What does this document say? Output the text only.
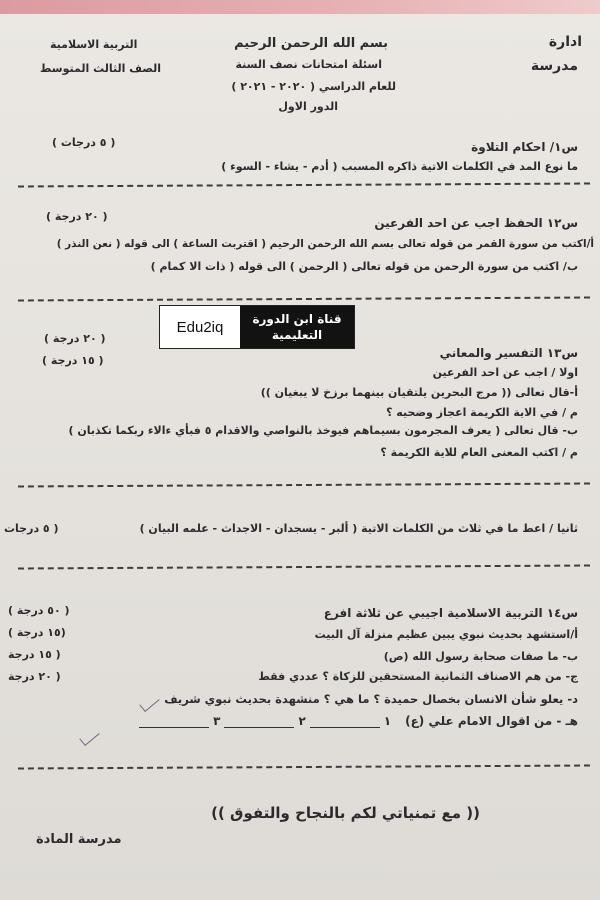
ادارة
مدرسة
بسم الله الرحمن الرحيم
اسئلة امتحانات نصف السنة
للعام الدراسي ( ٢٠٢٠ - ٢٠٢١ )
الدور الاول
التربية الاسلامية
الصف الثالث المتوسط
س١/ احكام التلاوة
( ٥ درجات )
ما نوع المد في الكلمات الاتية ذاكره المسبب ( أدم - يشاء - السوء )
( ٢٠ درجة )	س١٢ الحفظ اجب عن احد الفرعين
أ/اكتب من سورة القمر من قوله تعالى بسم الله الرحمن الرحيم ( اقتربت الساعة ) الى قوله ( نعن النذر )
ب/ اكتب من سورة الرحمن من قوله تعالى ( الرحمن ) الى قوله ( ذات الا كمام )
Edu2iq	قناة ابن الدورة
التعليمية
( ٢٠ درجة )
( ١٥ درجة )
س١٣ التفسير والمعاني
اولا / اجب عن احد الفرعين
أ-قال تعالى (( مرج البحرين يلتقيان بينهما برزخ لا يبغيان ))
م / في الاية الكريمة اعجاز وضحيه ؟
ب- قال تعالى ( يعرف المجرمون بسيماهم فيوخذ بالنواصي والاقدام ٥ فبأي ءالاء ربكما تكذبان )
م / اكتب المعنى العام للاية الكريمة ؟
ثانيا / اعط ما في ثلاث من الكلمات الاتية ( ألبر - يسجدان - الاجداث - علمه البيان )
( ٥ درجات
س١٤ التربية الاسلامية اجيبي عن ثلاثة افرع
( ٥٠ درجة )
أ/استشهد بحديث نبوي يبين عظيم منزلة آل البيت
(١٥ درجة )
ب- ما صفات صحابة رسول الله (ص)
( ١٥ درجة
ج- من هم الاصناف الثمانية المستحقين للزكاة ؟ عددي فقط
( ٢٠ درجة
د- يعلو شأن الانسان بخصال حميدة ؟ ما هي ؟ منشهدة بحديث نبوي شريف
هـ - من اقوال الامام علي (ع)
١
٢
٣
(( مع تمنياتي لكم بالنجاح والتفوق ))
مدرسة المادة
